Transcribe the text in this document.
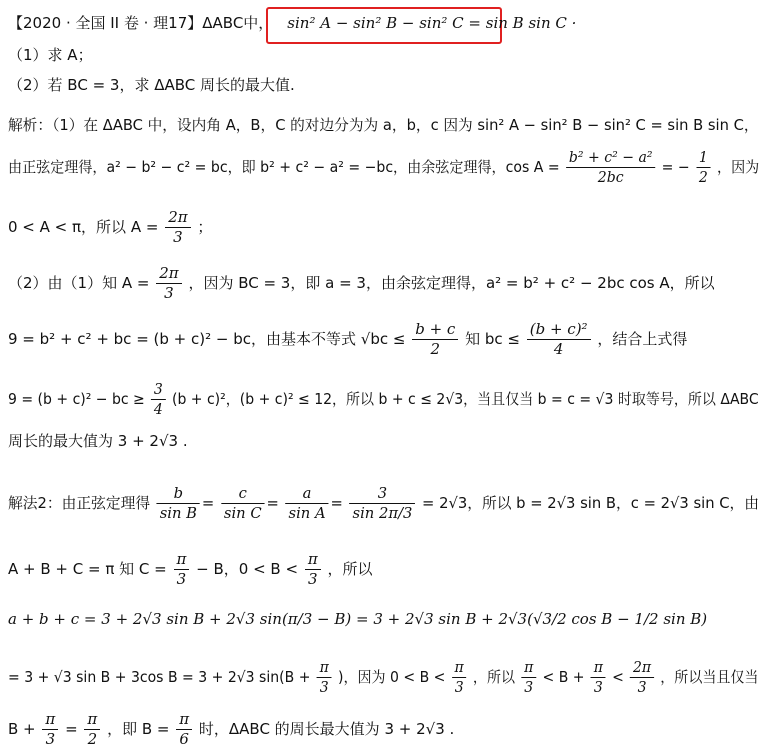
【2020 · 全国 II 卷 · 理17】ΔABC中， sin² A − sin² B − sin² C = sin B sin C ·
（1）求 A；
（2）若 BC = 3，求 ΔABC 周长的最大值.
解析：（1）在 ΔABC 中，设内角 A，B，C 的对边分为为 a，b，c 因为 sin² A − sin² B − sin² C = sin B sin C，
由正弦定理得，a² − b² − c² = bc，即 b² + c² − a² = −bc，由余弦定理得，$\cos A = \frac{\text{b² + c² − a²}}{2bc}$ = − $\frac{1}{2}$ ，因为
0 < A < π，所以 $A = \frac{2\pi}{3}$ ；
（2）由（1）知 $A = \frac{2\pi}{3}$ ，因为 BC = 3，即 a = 3，由余弦定理得，a² = b² + c² − 2bc cos A，所以
9 = b² + c² + bc = (b + c)² − bc，由基本不等式 $√bc \le \frac{b + c}{2}$ 知 bc ≤ $\frac{\text{(b + c)²}}{4}$ ，结合上式得
9 = (b + c)² − bc ≥ $\frac{3}{4} (b + c)^2$，(b + c)² ≤ 12，所以 b + c ≤ 2√3，当且仅当 b = c = √3 时取等号，所以 ΔABC
周长的最大值为 3 + 2√3 .
解法2：由正弦定理得 $\frac{b}{\text{sin B}} = \frac{c}{\text{sin C}} = \frac{a}{\text{sin A}} = \frac{3}{\sin 2\pi/3} = 2√3$，所以 b = 2√3 sin B，c = 2√3 sin C，由
A + B + C = π 知 $C = \frac{\pi}{3} - B$，$0 < B < \frac{\pi}{3}$ ，所以
a + b + c = 3 + 2√3 sin B + 2√3 sin(π/3 − B) = 3 + 2√3 sin B + 2√3(√3/2 cos B − 1/2 sin B)
= 3 + √3 sin B + 3cos B = 3 + 2√3 $\sin(B + \frac{\pi}{3}$ )，因为 $0 < B < \frac{\pi}{3}$ ，所以 $\frac{\pi}{3} < B + \frac{\pi}{3} < \frac{2\pi}{3}$ ，所以当且仅当
$B + \frac{\pi}{3} = \frac{\pi}{2}$ ，即 $B = \frac{\pi}{6}$ 时，ΔABC 的周长最大值为 3 + 2√3 .
